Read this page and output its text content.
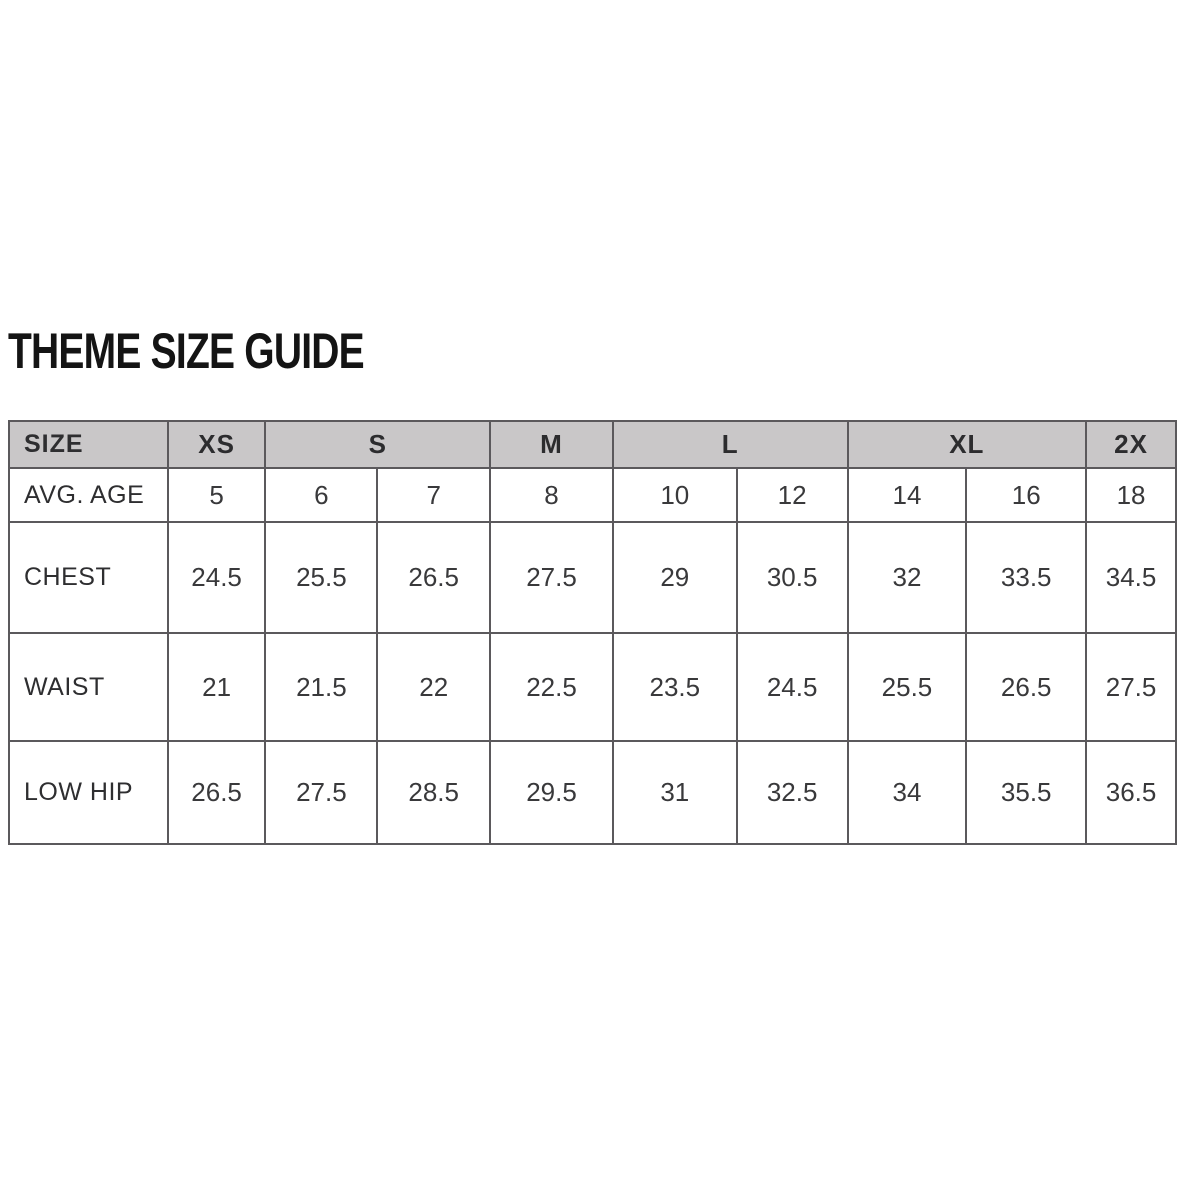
THEME SIZE GUIDE
SIZE	XS	S		M	L		XL		2X
AVG. AGE	5	6	7	8	10	12	14	16	18
CHEST	24.5	25.5	26.5	27.5	29	30.5	32	33.5	34.5
WAIST	21	21.5	22	22.5	23.5	24.5	25.5	26.5	27.5
LOW HIP	26.5	27.5	28.5	29.5	31	32.5	34	35.5	36.5
